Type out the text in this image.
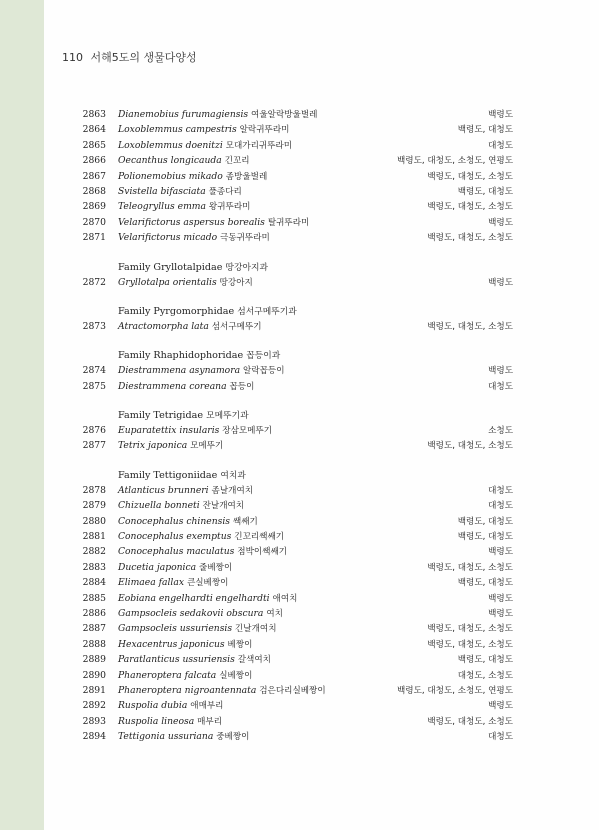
110 서해5도의 생물다양성
2863	Dianemobius furumagiensis 여울알락방울벌레	백령도
2864	Loxoblemmus campestris 알락귀뚜라미	백령도, 대청도
2865	Loxoblemmus doenitzi 모대가리귀뚜라미	대청도
2866	Oecanthus longicauda 긴꼬리	백령도, 대청도, 소청도, 연평도
2867	Polionemobius mikado 좀방울벌레	백령도, 대청도, 소청도
2868	Svistella bifasciata 풀종다리	백령도, 대청도
2869	Teleogryllus emma 왕귀뚜라미	백령도, 대청도, 소청도
2870	Velarifictorus aspersus borealis 탈귀뚜라미	백령도
2871	Velarifictorus micado 극동귀뚜라미	백령도, 대청도, 소청도
Family Gryllotalpidae 땅강아지과
2872	Gryllotalpa orientalis 땅강아지	백령도
Family Pyrgomorphidae 섬서구메뚜기과
2873	Atractomorpha lata 섬서구메뚜기	백령도, 대청도, 소청도
Family Rhaphidophoridae 꼽등이과
2874	Diestrammena asynamora 알락꼽등이	백령도
2875	Diestrammena coreana 꼽등이	대청도
Family Tetrigidae 모메뚜기과
2876	Euparatettix insularis 장삼모메뚜기	소청도
2877	Tetrix japonica 모메뚜기	백령도, 대청도, 소청도
Family Tettigoniidae 여치과
2878	Atlanticus brunneri 좀날개여치	대청도
2879	Chizuella bonneti 잔날개여치	대청도
2880	Conocephalus chinensis 쌕쌔기	백령도, 대청도
2881	Conocephalus exemptus 긴꼬리쌕쌔기	백령도, 대청도
2882	Conocephalus maculatus 점박이쌕쌔기	백령도
2883	Ducetia japonica 줄베짱이	백령도, 대청도, 소청도
2884	Elimaea fallax 큰실베짱이	백령도, 대청도
2885	Eobiana engelhardti engelhardti 애여치	백령도
2886	Gampsocleis sedakovii obscura 여치	백령도
2887	Gampsocleis ussuriensis 긴날개여치	백령도, 대청도, 소청도
2888	Hexacentrus japonicus 베짱이	백령도, 대청도, 소청도
2889	Paratlanticus ussuriensis 갈색여치	백령도, 대청도
2890	Phaneroptera falcata 실베짱이	대청도, 소청도
2891	Phaneroptera nigroantennata 검은다리실베짱이	백령도, 대청도, 소청도, 연평도
2892	Ruspolia dubia 애매부리	백령도
2893	Ruspolia lineosa 매부리	백령도, 대청도, 소청도
2894	Tettigonia ussuriana 중베짱이	대청도
